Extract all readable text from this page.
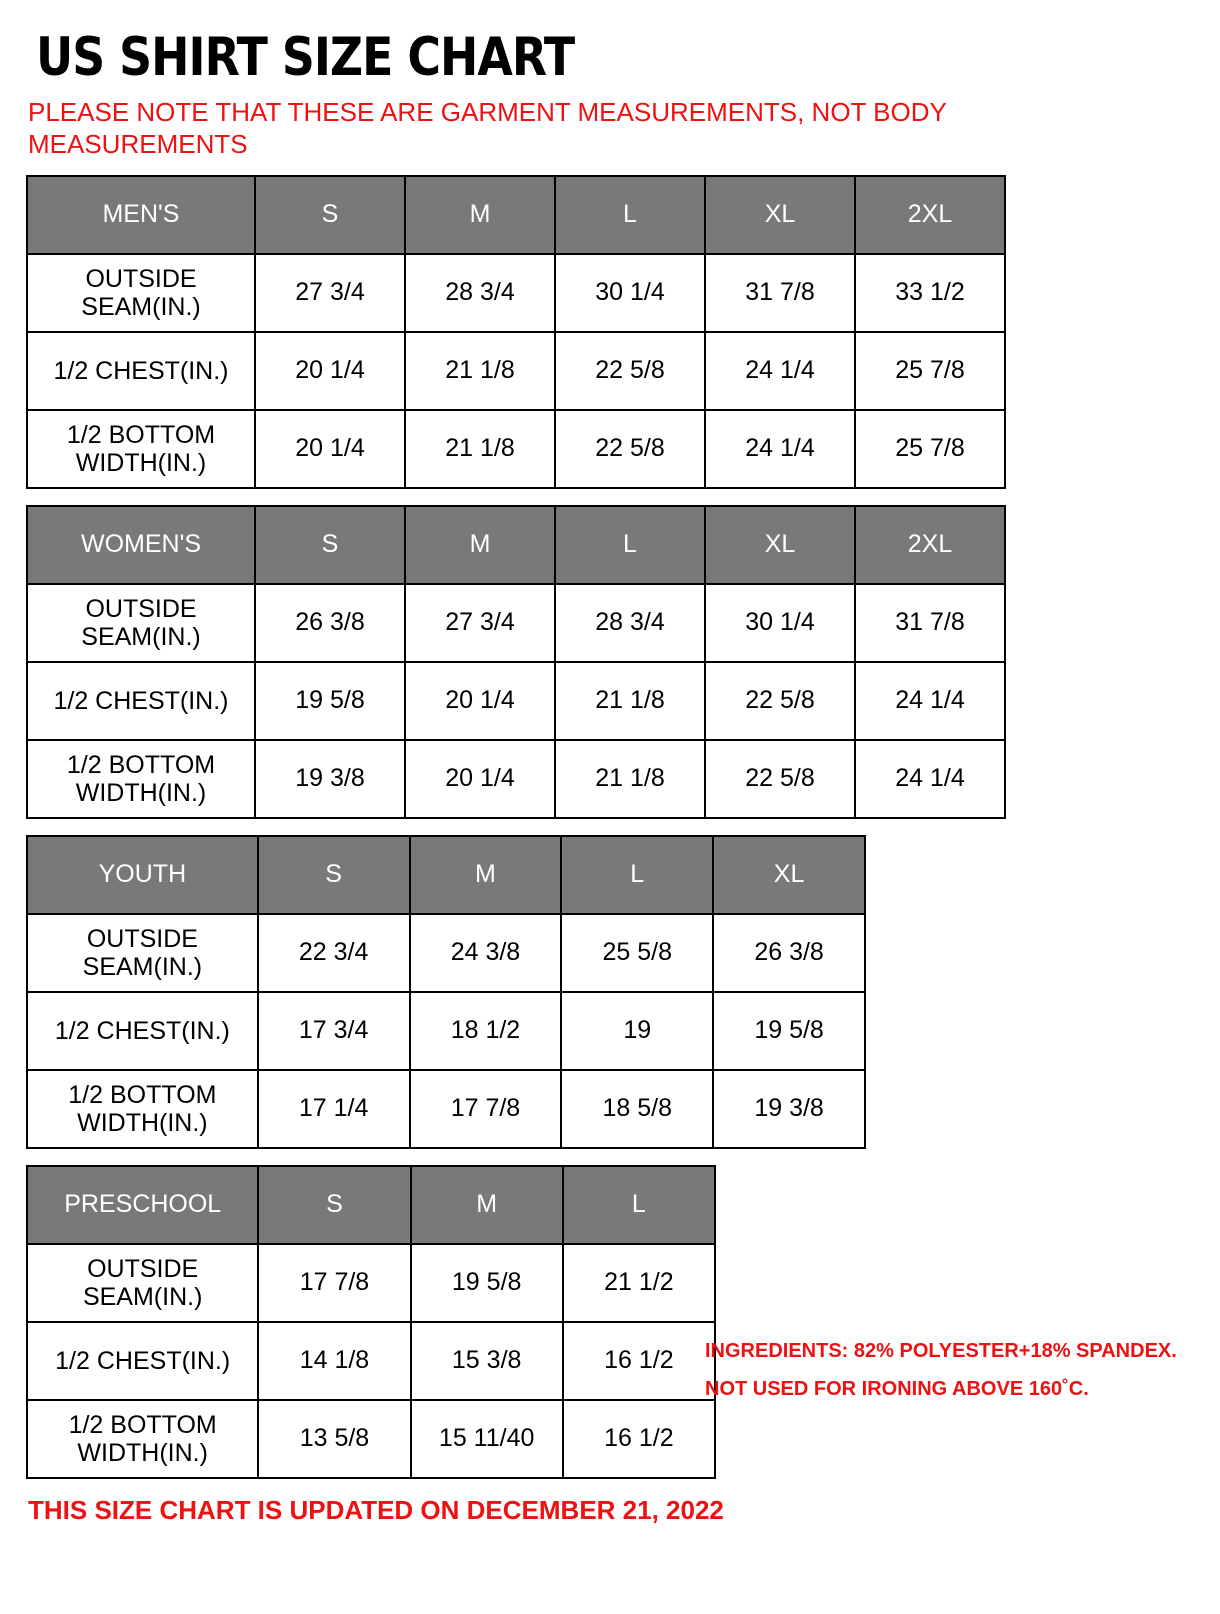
US SHIRT SIZE CHART
PLEASE NOTE THAT THESE ARE GARMENT MEASUREMENTS, NOT BODY MEASUREMENTS
MEN'S	S	M	L	XL	2XL
OUTSIDE SEAM(IN.)	27 3/4	28 3/4	30 1/4	31 7/8	33 1/2
1/2 CHEST(IN.)	20 1/4	21 1/8	22 5/8	24 1/4	25 7/8
1/2 BOTTOM WIDTH(IN.)	20 1/4	21 1/8	22 5/8	24 1/4	25 7/8
WOMEN'S	S	M	L	XL	2XL
OUTSIDE SEAM(IN.)	26 3/8	27 3/4	28 3/4	30 1/4	31 7/8
1/2 CHEST(IN.)	19 5/8	20 1/4	21 1/8	22 5/8	24 1/4
1/2 BOTTOM WIDTH(IN.)	19 3/8	20 1/4	21 1/8	22 5/8	24 1/4
YOUTH	S	M	L	XL
OUTSIDE SEAM(IN.)	22 3/4	24 3/8	25 5/8	26 3/8
1/2 CHEST(IN.)	17 3/4	18 1/2	19	19 5/8
1/2 BOTTOM WIDTH(IN.)	17 1/4	17 7/8	18 5/8	19 3/8
PRESCHOOL	S	M	L
OUTSIDE SEAM(IN.)	17 7/8	19 5/8	21 1/2
1/2 CHEST(IN.)	14 1/8	15 3/8	16 1/2
1/2 BOTTOM WIDTH(IN.)	13 5/8	15 11/40	16 1/2
THIS SIZE CHART IS UPDATED ON DECEMBER 21, 2022
INGREDIENTS: 82% POLYESTER+18% SPANDEX.
NOT USED FOR IRONING ABOVE 160˚C.
